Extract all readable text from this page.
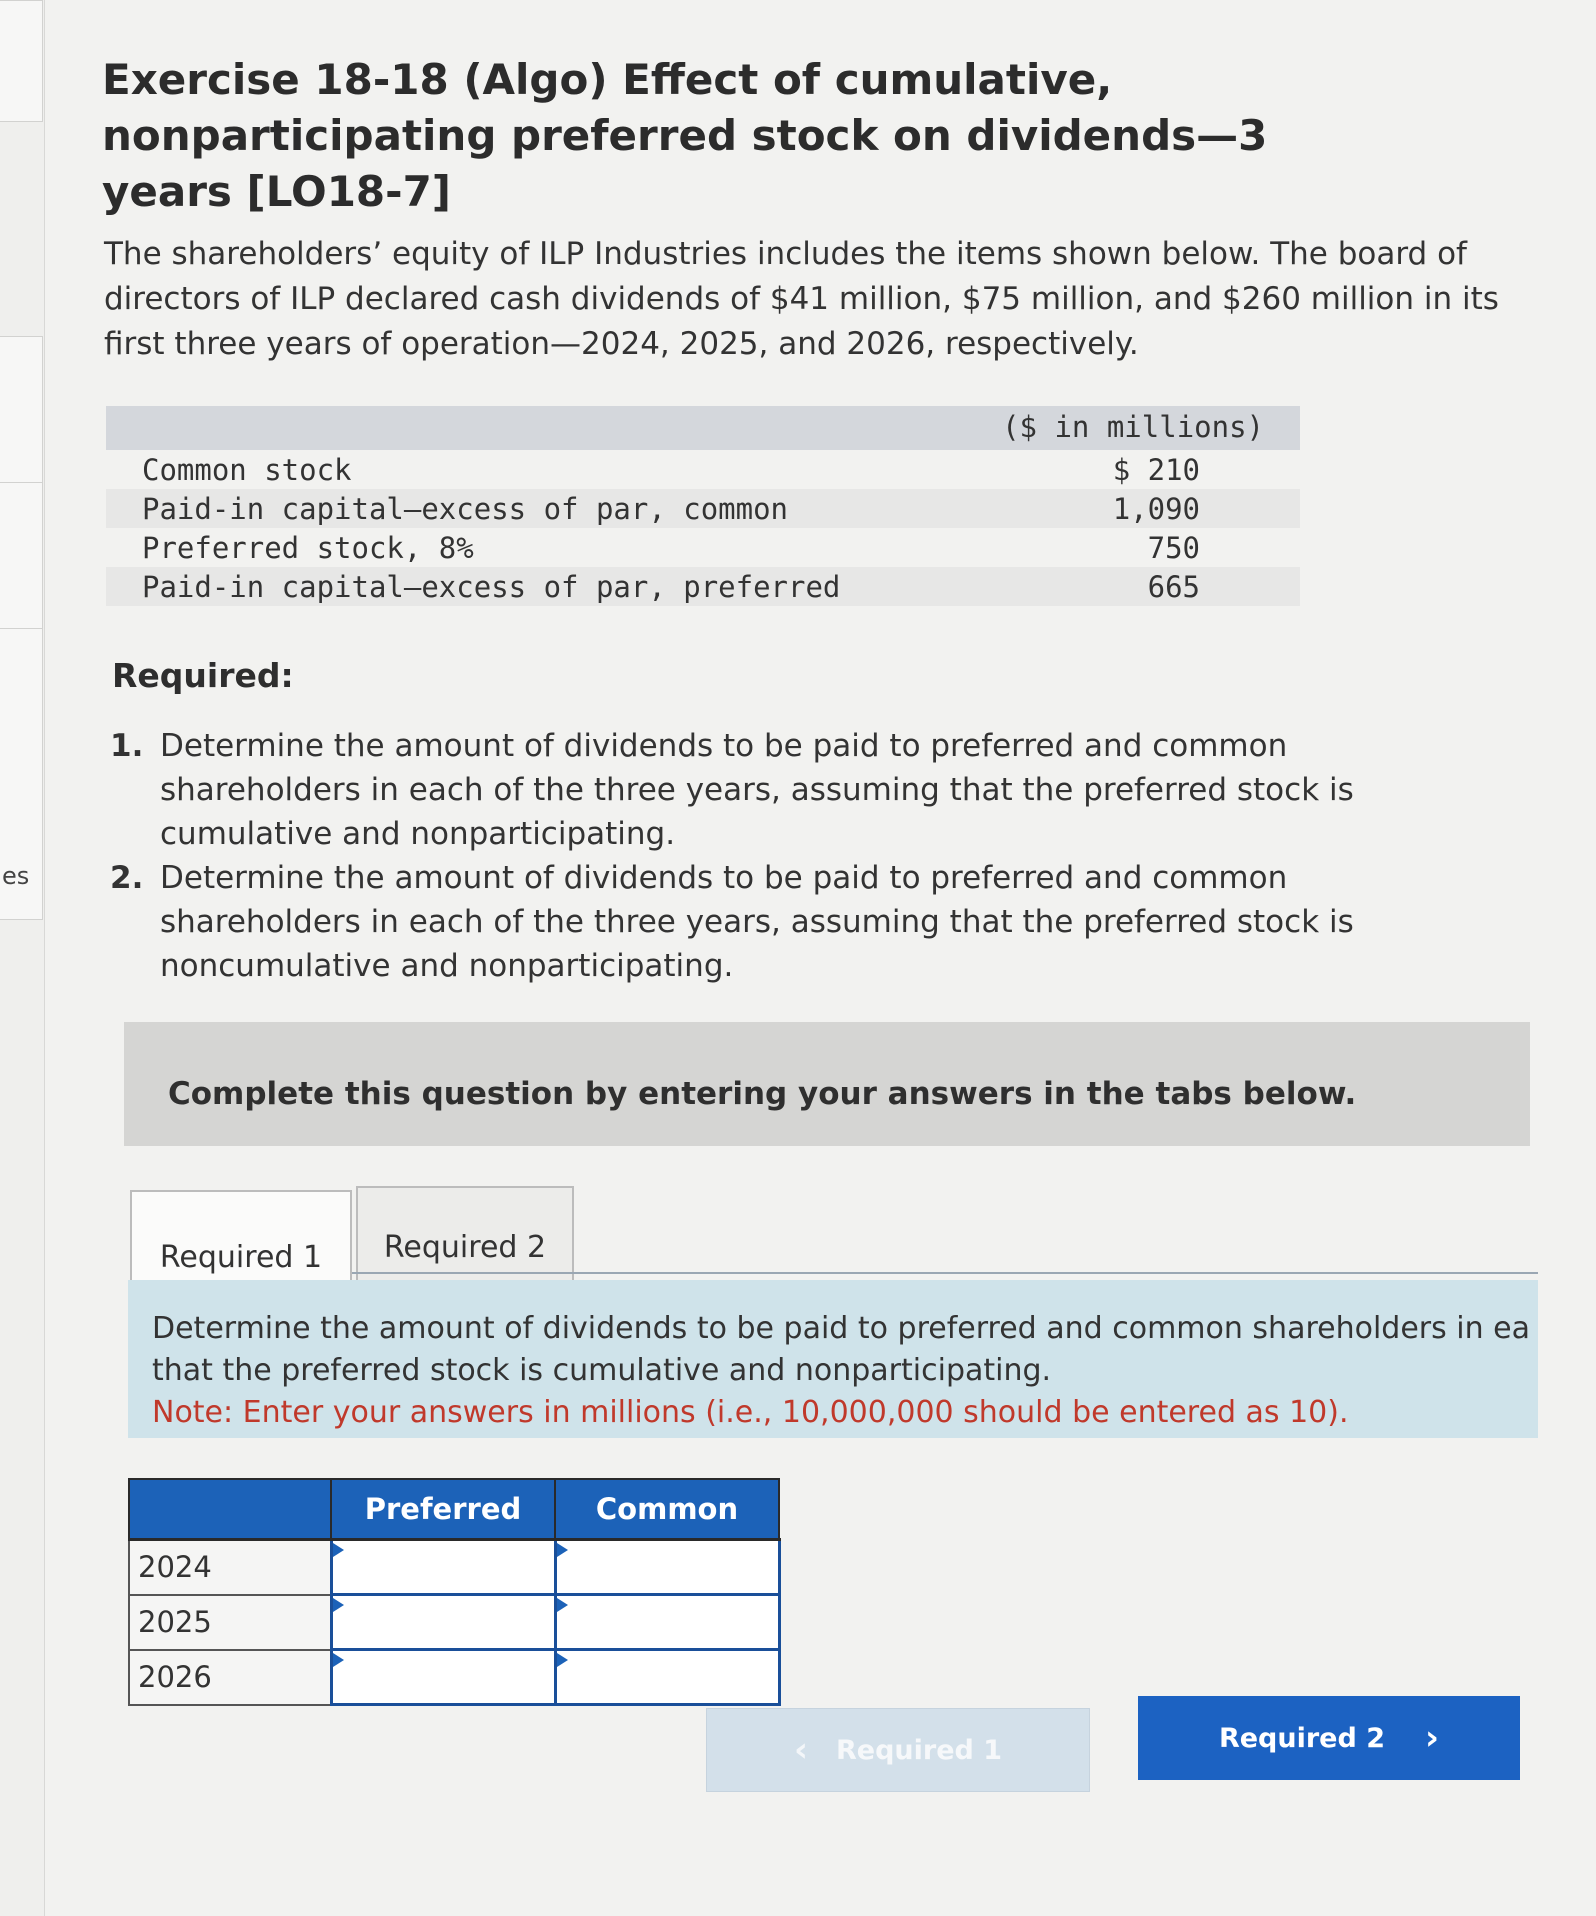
es
Exercise 18-18 (Algo) Effect of cumulative, nonparticipating preferred stock on dividends—3 years [LO18-7]

The shareholders’ equity of ILP Industries includes the items shown below. The board of directors of ILP declared cash dividends of $41 million, $75 million, and $260 million in its first three years of operation—2024, 2025, and 2026, respectively.

($ in millions)
Common stock	$ 210
Paid-in capital—excess of par, common	1,090
Preferred stock, 8%	750
Paid-in capital—excess of par, preferred	665
Required:
1. Determine the amount of dividends to be paid to preferred and common shareholders in each of the three years, assuming that the preferred stock is cumulative and nonparticipating.
2. Determine the amount of dividends to be paid to preferred and common shareholders in each of the three years, assuming that the preferred stock is noncumulative and nonparticipating.
Complete this question by entering your answers in the tabs below.
Required 1	Required 2
Determine the amount of dividends to be paid to preferred and common shareholders in ea
that the preferred stock is cumulative and nonparticipating.
Note: Enter your answers in millions (i.e., 10,000,000 should be entered as 10).
	Preferred	Common
2024	

2025	

2026	

‹ Required 1	Required 2 ›
